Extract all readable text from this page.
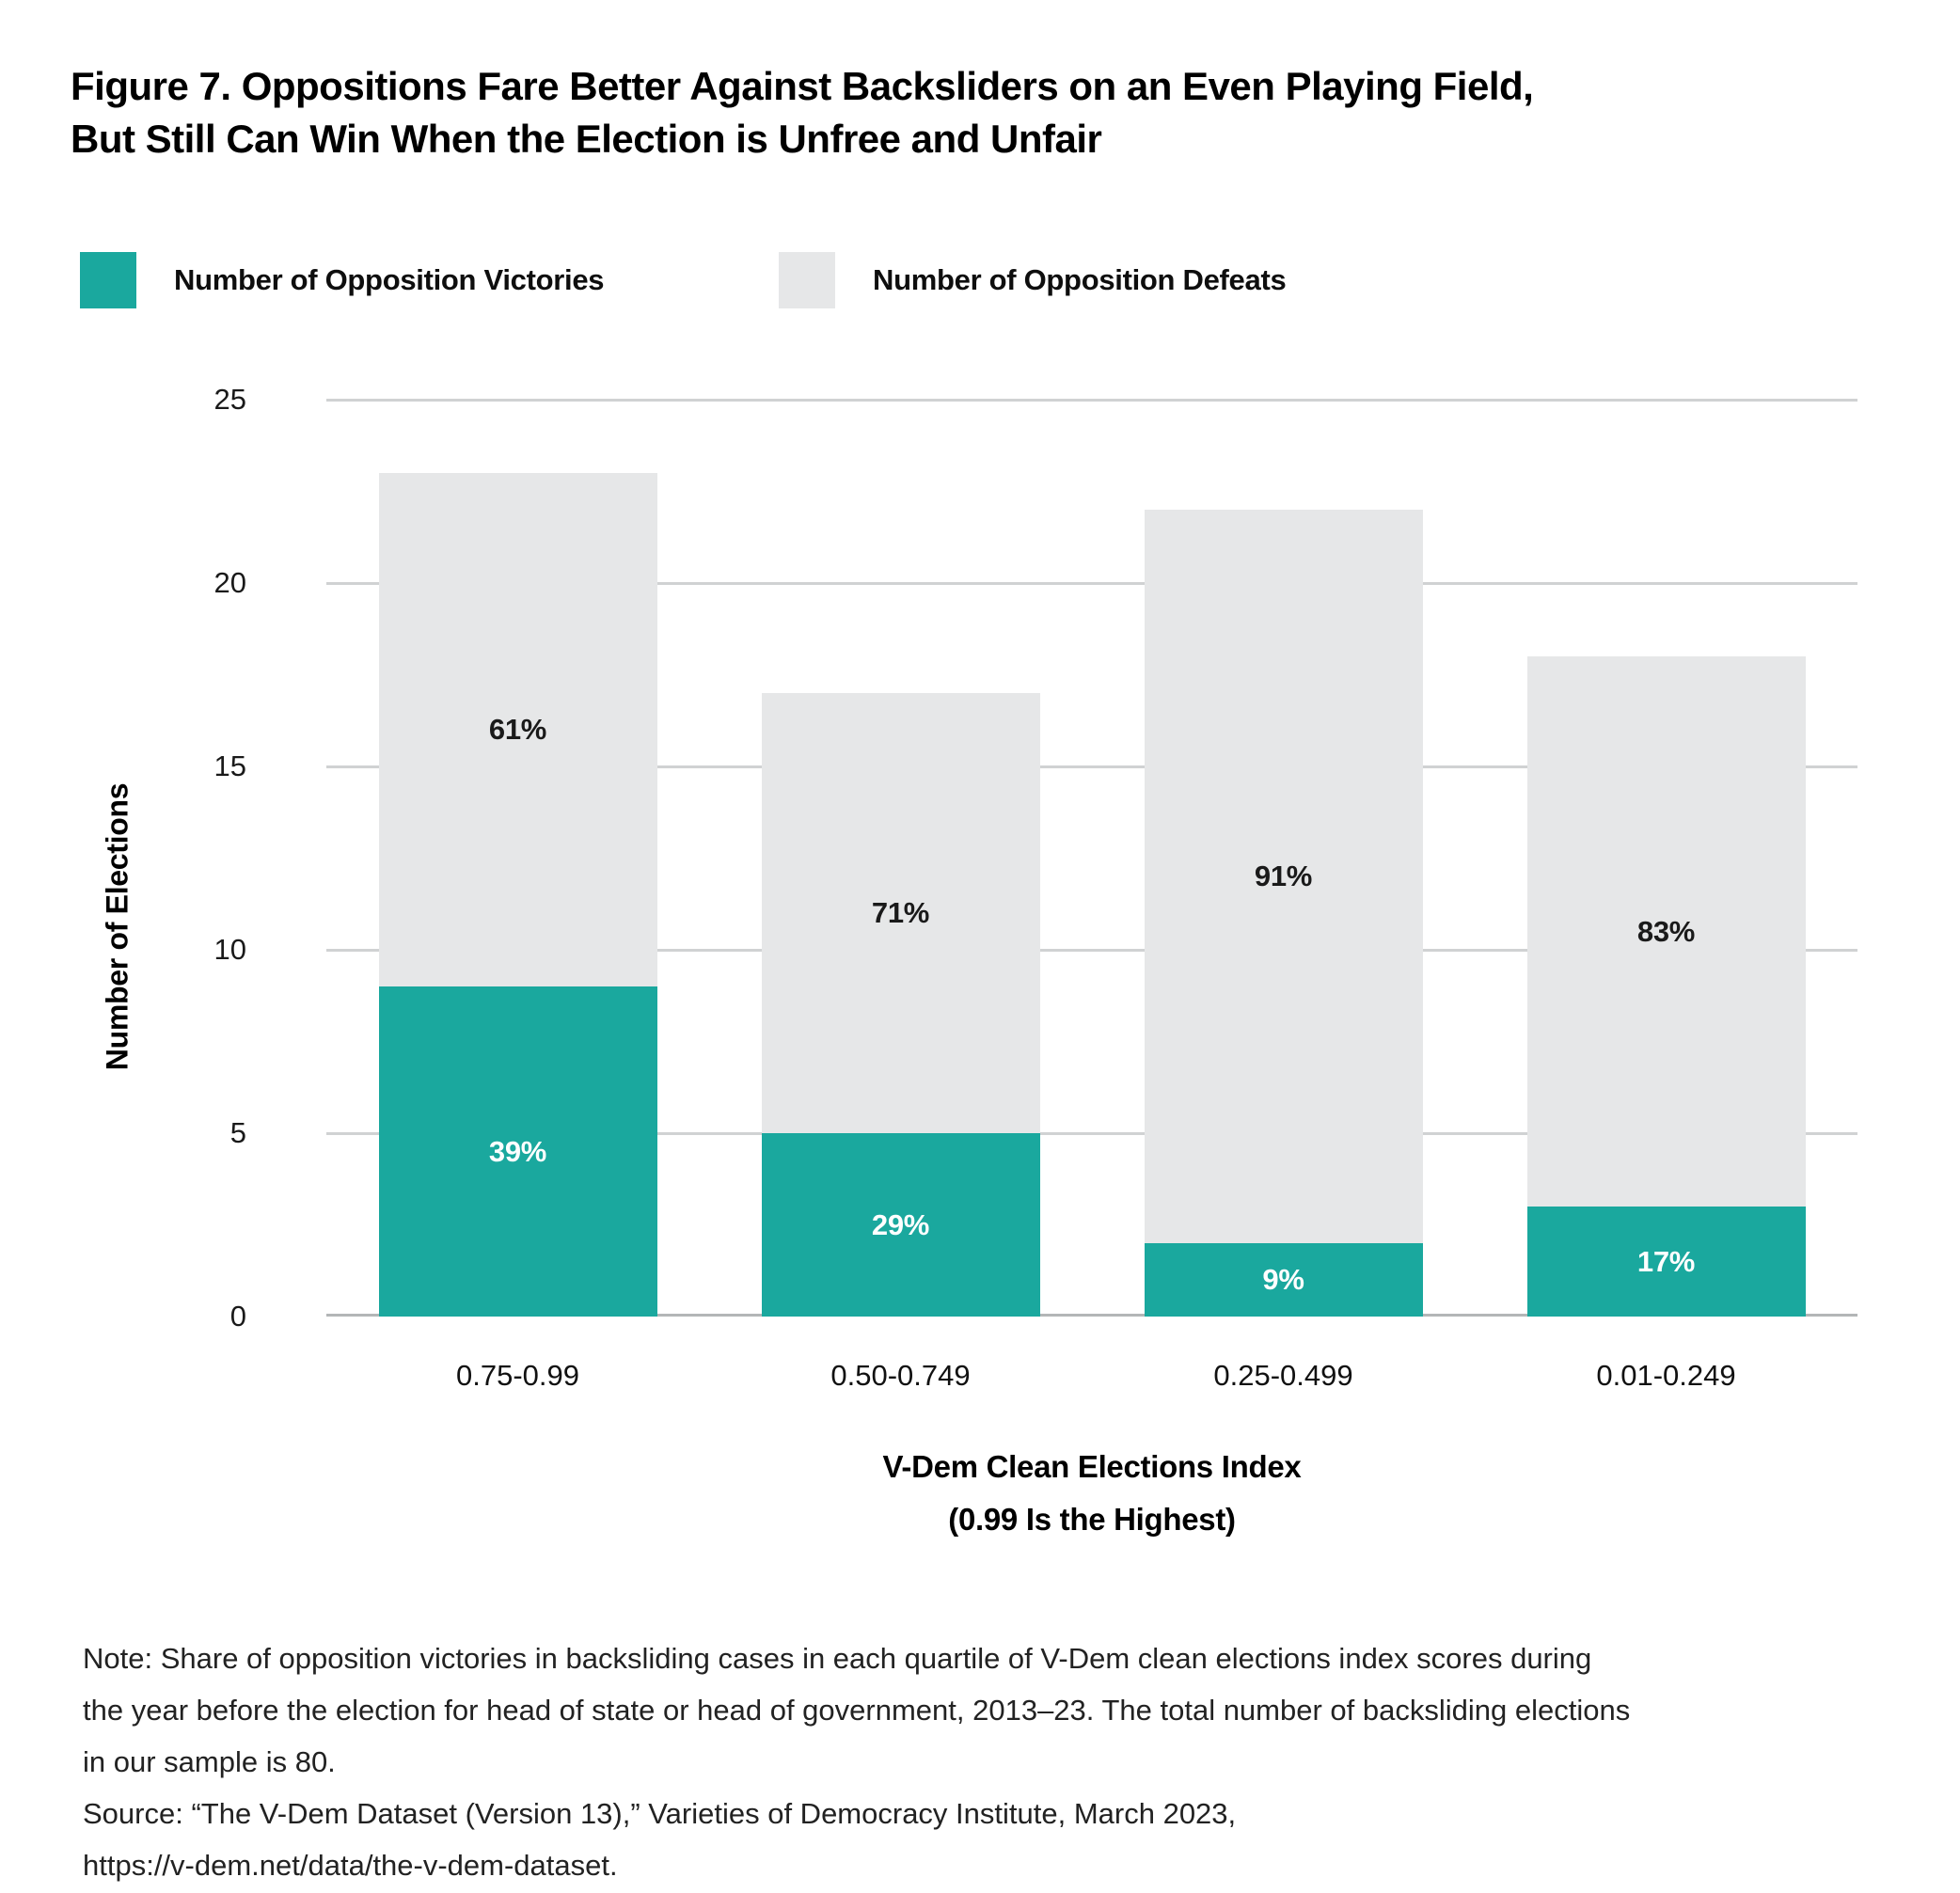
Figure 7. Oppositions Fare Better Against Backsliders on an Even Playing Field,
But Still Can Win When the Election is Unfree and Unfair
Number of Opposition Victories	Number of Opposition Defeats
Number of Elections
0
5
10
15
20
25
39%
61%
0.75-0.99
29%
71%
0.50-0.749
9%
91%
0.25-0.499
17%
83%
0.01-0.249
V-Dem Clean Elections Index
(0.99 Is the Highest)
Note: Share of opposition victories in backsliding cases in each quartile of V-Dem clean elections index scores during
the year before the election for head of state or head of government, 2013–23. The total number of backsliding elections
in our sample is 80.
Source: “The V-Dem Dataset (Version 13),” Varieties of Democracy Institute, March 2023,
https://v-dem.net/data/the-v-dem-dataset.
